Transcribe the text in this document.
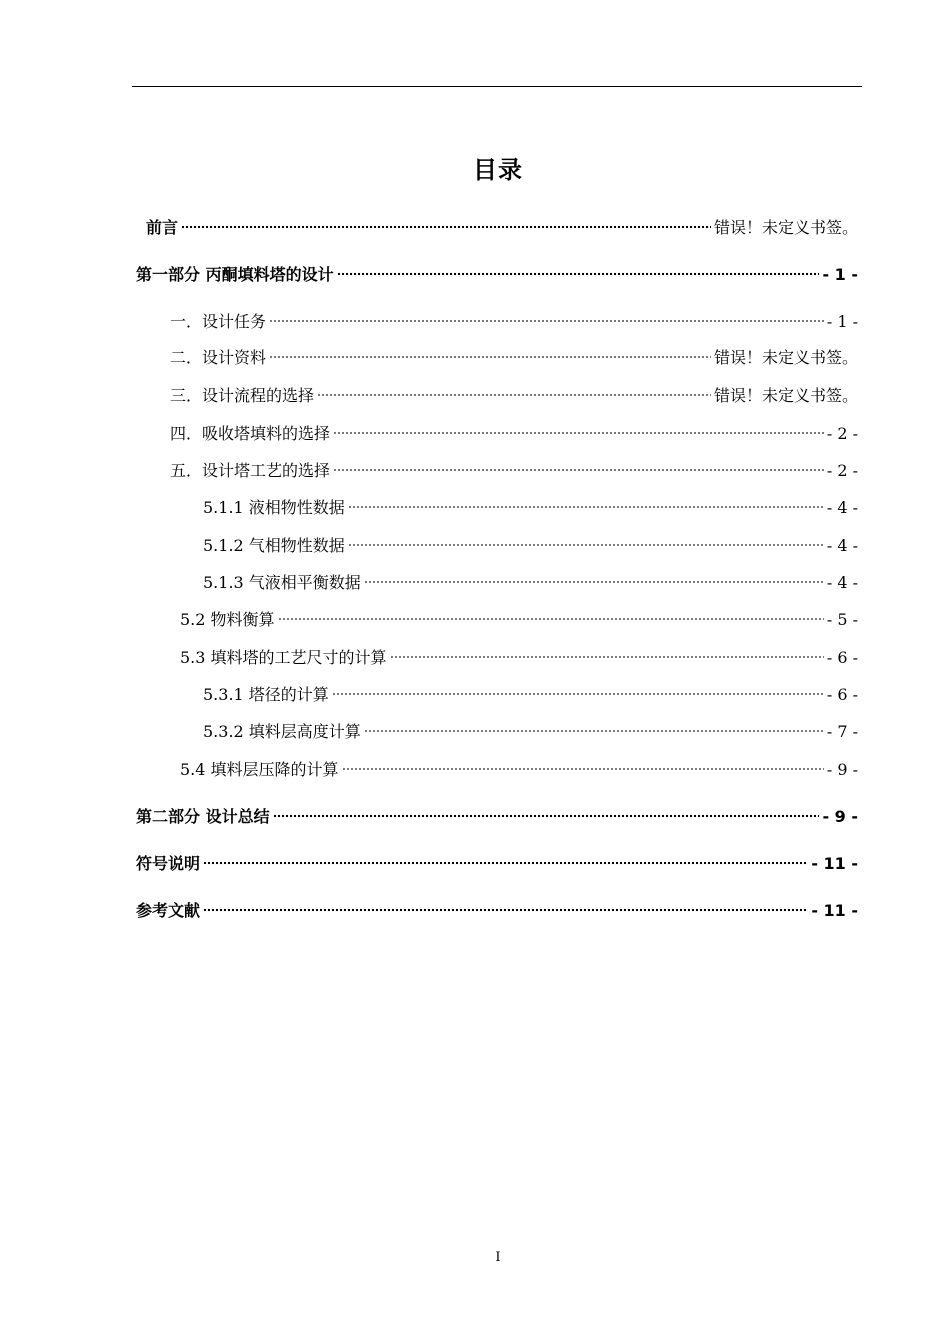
目录
前言	错误！未定义书签。
第一部分 丙酮填料塔的设计	- 1 -
一．设计任务	- 1 -
二．设计资料	错误！未定义书签。
三．设计流程的选择	错误！未定义书签。
四．吸收塔填料的选择	- 2 -
五．设计塔工艺的选择	- 2 -
5.1.1 液相物性数据	- 4 -
5.1.2 气相物性数据	- 4 -
5.1.3 气液相平衡数据	- 4 -
5.2 物料衡算	- 5 -
5.3 填料塔的工艺尺寸的计算	- 6 -
5.3.1 塔径的计算	- 6 -
5.3.2 填料层高度计算	- 7 -
5.4 填料层压降的计算	- 9 -
第二部分 设计总结	- 9 -
符号说明	- 11 -
参考文献	- 11 -
I
